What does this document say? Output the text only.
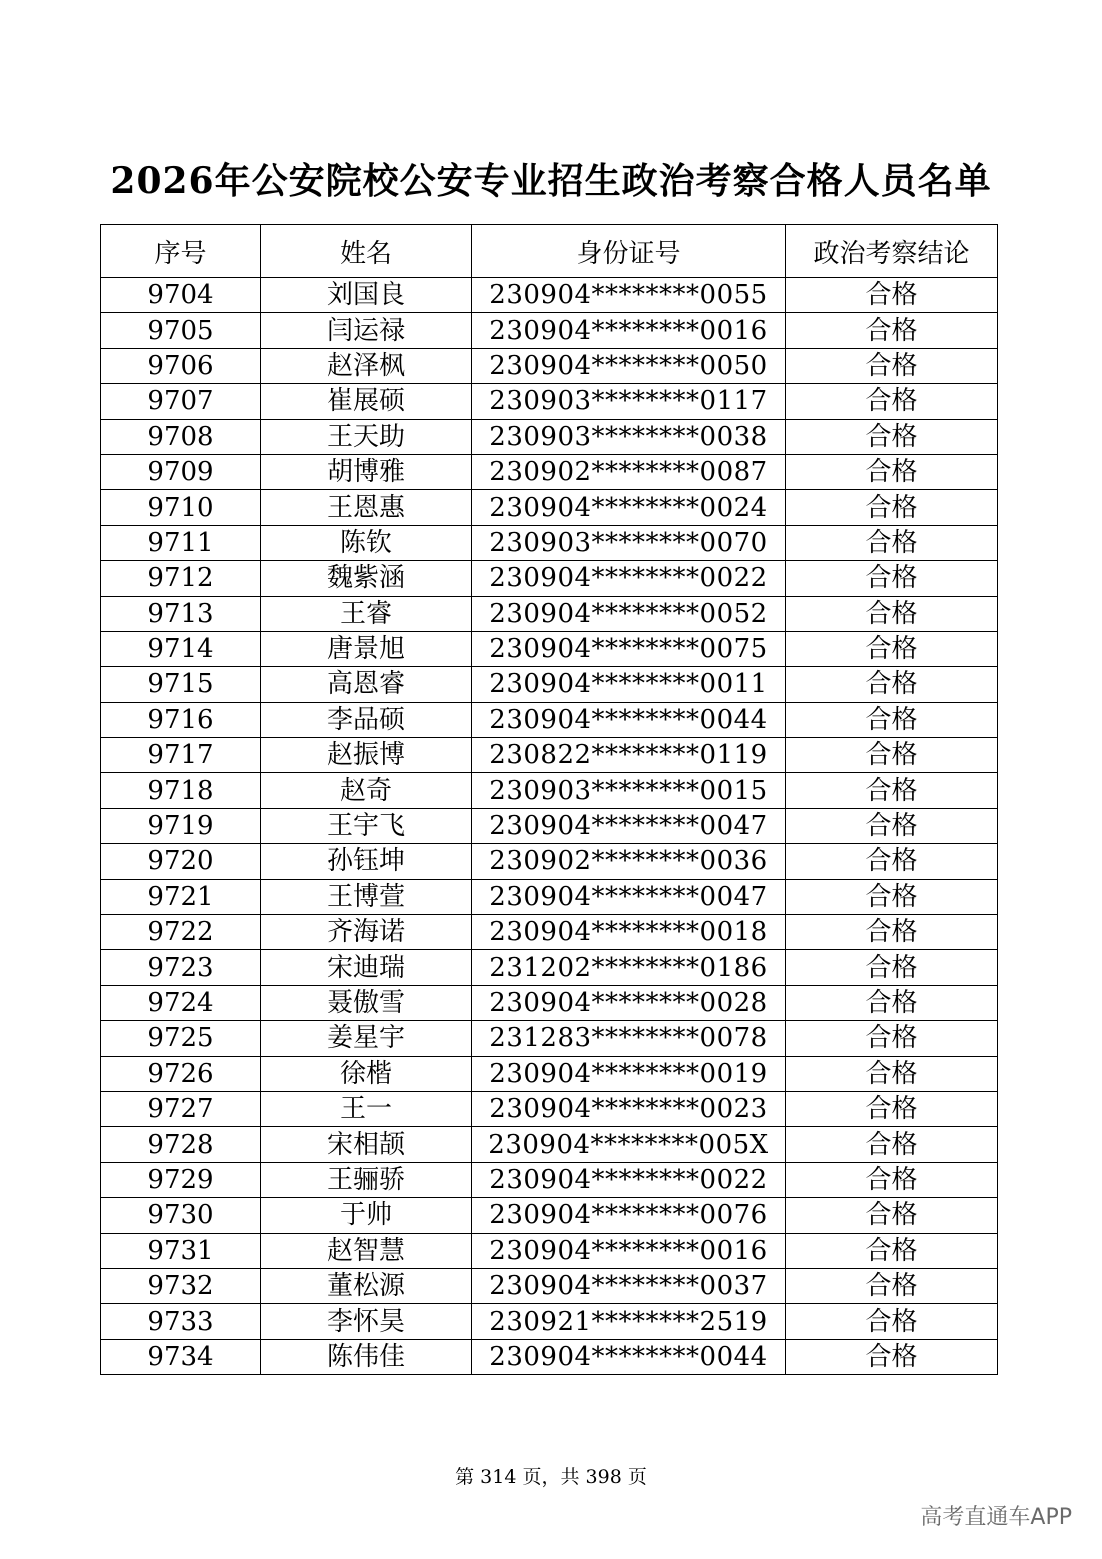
2026年公安院校公安专业招生政治考察合格人员名单
序号	姓名	身份证号	政治考察结论
9704	刘国良	230904********0055	合格
9705	闫运禄	230904********0016	合格
9706	赵泽枫	230904********0050	合格
9707	崔展硕	230903********0117	合格
9708	王天助	230903********0038	合格
9709	胡博雅	230902********0087	合格
9710	王恩惠	230904********0024	合格
9711	陈钦	230903********0070	合格
9712	魏紫涵	230904********0022	合格
9713	王睿	230904********0052	合格
9714	唐景旭	230904********0075	合格
9715	高恩睿	230904********0011	合格
9716	李品硕	230904********0044	合格
9717	赵振博	230822********0119	合格
9718	赵奇	230903********0015	合格
9719	王宇飞	230904********0047	合格
9720	孙钰坤	230902********0036	合格
9721	王博萱	230904********0047	合格
9722	齐海诺	230904********0018	合格
9723	宋迪瑞	231202********0186	合格
9724	聂傲雪	230904********0028	合格
9725	姜星宇	231283********0078	合格
9726	徐楷	230904********0019	合格
9727	王一	230904********0023	合格
9728	宋相颉	230904********005X	合格
9729	王骊骄	230904********0022	合格
9730	于帅	230904********0076	合格
9731	赵智慧	230904********0016	合格
9732	董松源	230904********0037	合格
9733	李怀昊	230921********2519	合格
9734	陈伟佳	230904********0044	合格
第 314 页，共 398 页
高考直通车APP
